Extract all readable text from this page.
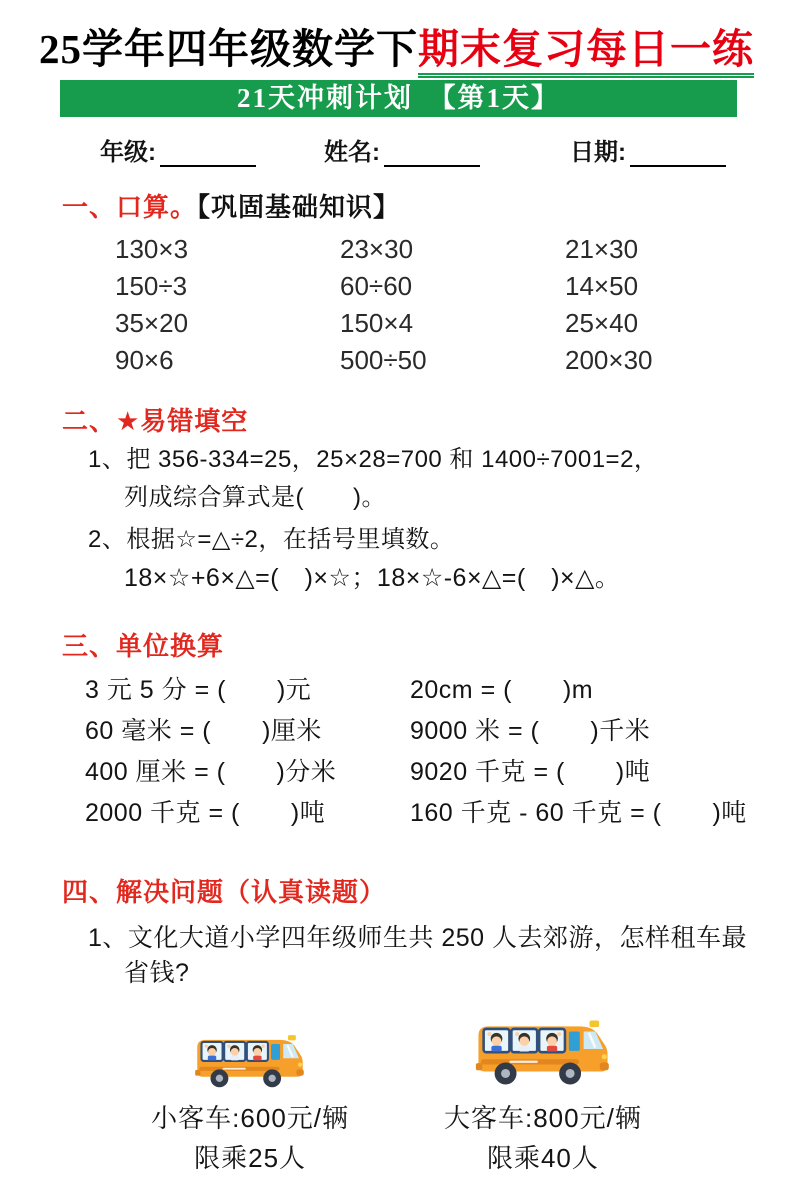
25学年四年级数学下期末复习每日一练
21天冲刺计划　【第1天】
年级:	姓名:	日期:
一、口算。【巩固基础知识】
130×3	23×30	21×30
150÷3	60÷60	14×50
35×20	150×4	25×40
90×6	500÷50	200×30
二、★易错填空
1、把 356-334=25，25×28=700 和 1400÷7001=2，
列成综合算式是(　　)。
2、根据☆=△÷2，在括号里填数。
18×☆+6×△=(　)×☆；18×☆-6×△=(　)×△。
三、单位换算
3 元 5 分 = (　　)元	20cm = (　　)m
60 毫米 = (　　)厘米	9000 米 = (　　)千米
400 厘米 = (　　)分米	9020 千克 = (　　)吨
2000 千克 = (　　)吨	160 千克 - 60 千克 = (　　)吨
四、解决问题（认真读题）
1、文化大道小学四年级师生共 250 人去郊游，怎样租车最省钱?
小客车:600元/辆
限乘25人
大客车:800元/辆
限乘40人
